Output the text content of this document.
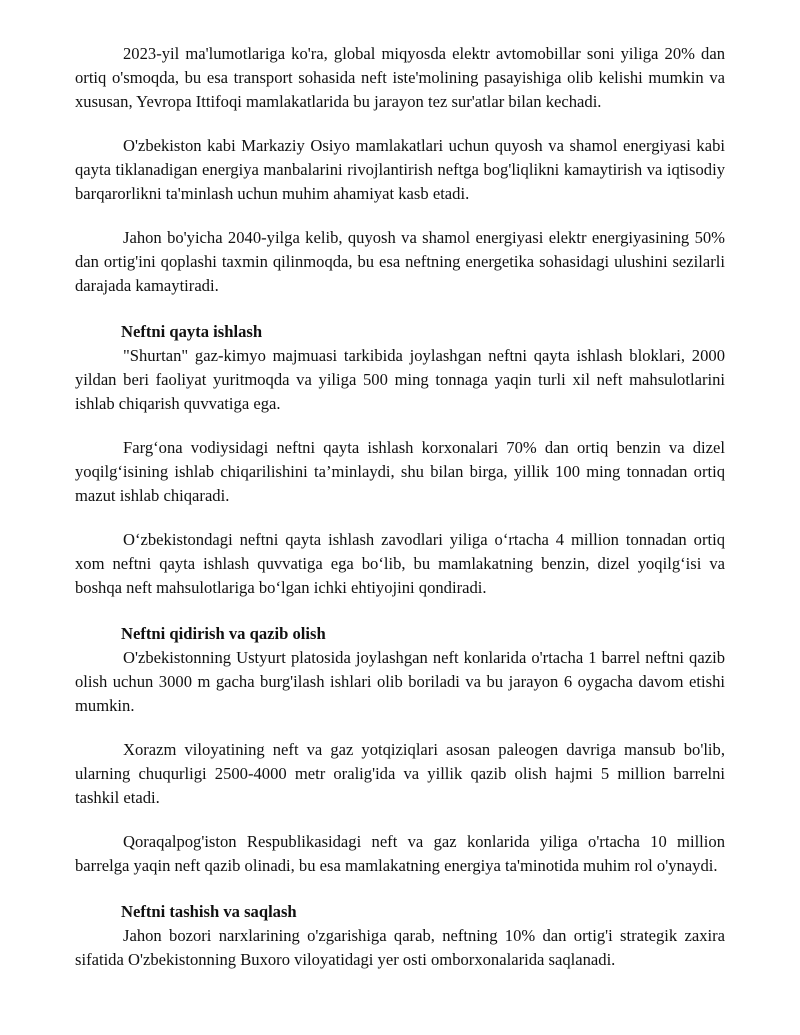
2023-yil ma'lumotlariga ko'ra, global miqyosda elektr avtomobillar soni yiliga 20% dan ortiq o'smoqda, bu esa transport sohasida neft iste'molining pasayishiga olib kelishi mumkin va xususan, Yevropa Ittifoqi mamlakatlarida bu jarayon tez sur'atlar bilan kechadi.

O'zbekiston kabi Markaziy Osiyo mamlakatlari uchun quyosh va shamol energiyasi kabi qayta tiklanadigan energiya manbalarini rivojlantirish neftga bog'liqlikni kamaytirish va iqtisodiy barqarorlikni ta'minlash uchun muhim ahamiyat kasb etadi.

Jahon bo'yicha 2040-yilga kelib, quyosh va shamol energiyasi elektr energiyasining 50% dan ortig'ini qoplashi taxmin qilinmoqda, bu esa neftning energetika sohasidagi ulushini sezilarli darajada kamaytiradi.

Neftni qayta ishlash

"Shurtan" gaz-kimyo majmuasi tarkibida joylashgan neftni qayta ishlash bloklari, 2000 yildan beri faoliyat yuritmoqda va yiliga 500 ming tonnaga yaqin turli xil neft mahsulotlarini ishlab chiqarish quvvatiga ega.

Farg‘ona vodiysidagi neftni qayta ishlash korxonalari 70% dan ortiq benzin va dizel yoqilg‘isining ishlab chiqarilishini ta’minlaydi, shu bilan birga, yillik 100 ming tonnadan ortiq mazut ishlab chiqaradi.

O‘zbekistondagi neftni qayta ishlash zavodlari yiliga o‘rtacha 4 million tonnadan ortiq xom neftni qayta ishlash quvvatiga ega bo‘lib, bu mamlakatning benzin, dizel yoqilg‘isi va boshqa neft mahsulotlariga bo‘lgan ichki ehtiyojini qondiradi.

Neftni qidirish va qazib olish

O'zbekistonning Ustyurt platosida joylashgan neft konlarida o'rtacha 1 barrel neftni qazib olish uchun 3000 m gacha burg'ilash ishlari olib boriladi va bu jarayon 6 oygacha davom etishi mumkin.

Xorazm viloyatining neft va gaz yotqiziqlari asosan paleogen davriga mansub bo'lib, ularning chuqurligi 2500-4000 metr oralig'ida va yillik qazib olish hajmi 5 million barrelni tashkil etadi.

Qoraqalpog'iston Respublikasidagi neft va gaz konlarida yiliga o'rtacha 10 million barrelga yaqin neft qazib olinadi, bu esa mamlakatning energiya ta'minotida muhim rol o'ynaydi.

Neftni tashish va saqlash

Jahon bozori narxlarining o'zgarishiga qarab, neftning 10% dan ortig'i strategik zaxira sifatida O'zbekistonning Buxoro viloyatidagi yer osti omborxonalarida saqlanadi.
